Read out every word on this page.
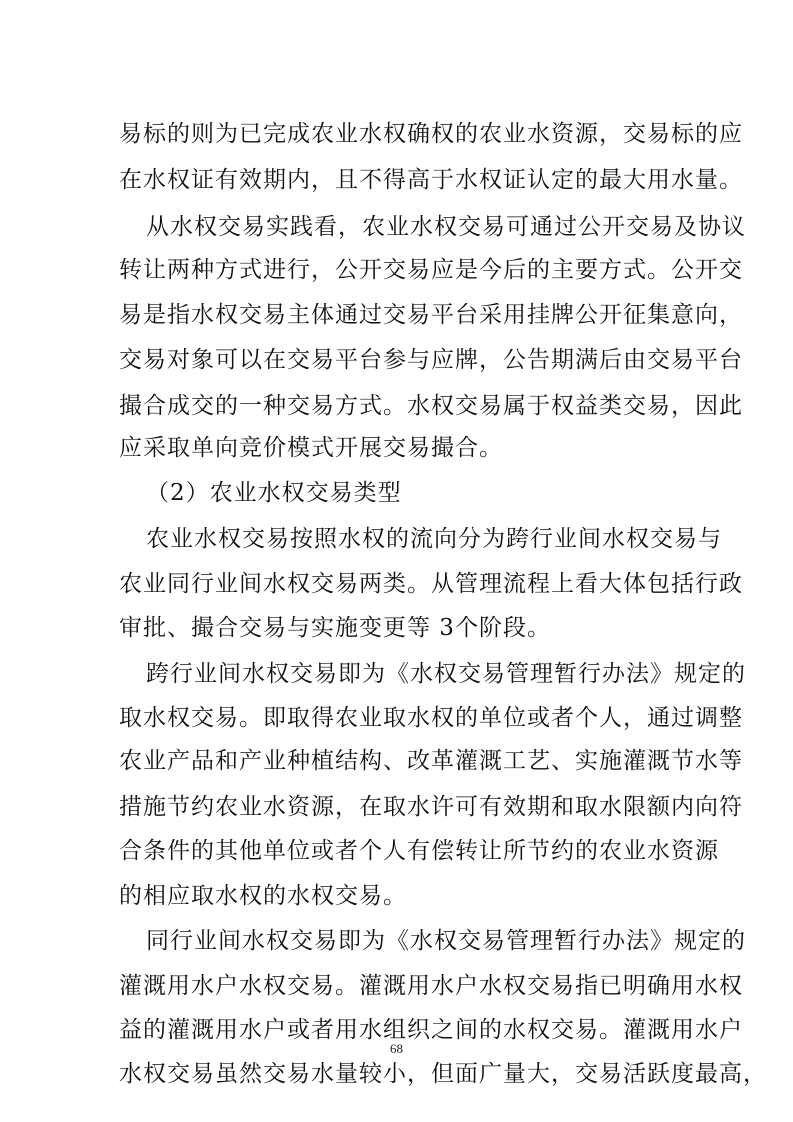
易标的则为已完成农业水权确权的农业水资源，交易标的应
在水权证有效期内，且不得高于水权证认定的最大用水量。
从水权交易实践看，农业水权交易可通过公开交易及协议
转让两种方式进行，公开交易应是今后的主要方式。公开交
易是指水权交易主体通过交易平台采用挂牌公开征集意向，
交易对象可以在交易平台参与应牌，公告期满后由交易平台
撮合成交的一种交易方式。水权交易属于权益类交易，因此
应采取单向竞价模式开展交易撮合。
（2）农业水权交易类型
农业水权交易按照水权的流向分为跨行业间水权交易与
农业同行业间水权交易两类。从管理流程上看大体包括行政
审批、撮合交易与实施变更等 3个阶段。
跨行业间水权交易即为《水权交易管理暂行办法》规定的
取水权交易。即取得农业取水权的单位或者个人，通过调整
农业产品和产业种植结构、改革灌溉工艺、实施灌溉节水等
措施节约农业水资源，在取水许可有效期和取水限额内向符
合条件的其他单位或者个人有偿转让所节约的农业水资源
的相应取水权的水权交易。
同行业间水权交易即为《水权交易管理暂行办法》规定的
灌溉用水户水权交易。灌溉用水户水权交易指已明确用水权
益的灌溉用水户或者用水组织之间的水权交易。灌溉用水户
水权交易虽然交易水量较小，但面广量大，交易活跃度最高，
68
